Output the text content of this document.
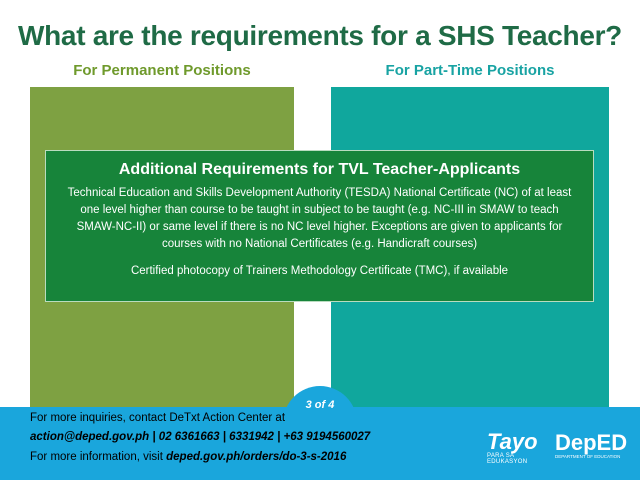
What are the requirements for a SHS Teacher?
For Permanent Positions	For Part-Time Positions
Additional Requirements for TVL Teacher-Applicants
Technical Education and Skills Development Authority (TESDA) National Certificate (NC) of at least one level higher than course to be taught in subject to be taught (e.g. NC-III in SMAW to teach SMAW-NC-II) or same level if there is no NC level higher. Exceptions are given to applicants for courses with no National Certificates (e.g. Handicraft courses)
Certified photocopy of Trainers Methodology Certificate (TMC), if available
3 of 4
For more inquiries, contact DeTxt Action Center at
action@deped.gov.ph | 02 6361663 | 6331942 | +63 9194560027
For more information, visit deped.gov.ph/orders/do-3-s-2016
Tayo
PARA SA EDUKASYON
DepED
DEPARTMENT OF EDUCATION
